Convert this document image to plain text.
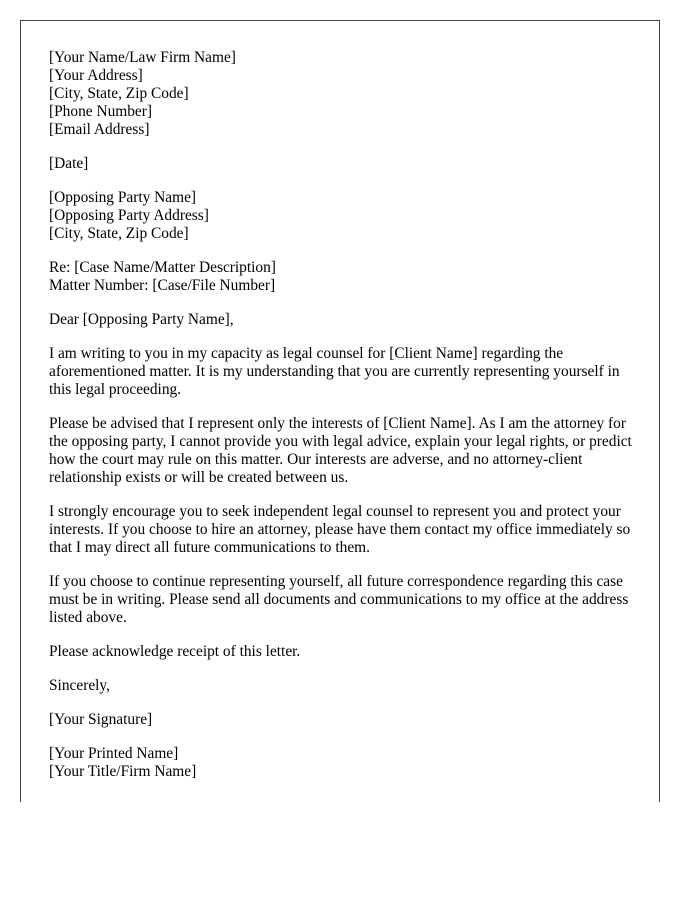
[Your Name/Law Firm Name]
[Your Address]
[City, State, Zip Code]
[Phone Number]
[Email Address]
[Date]
[Opposing Party Name]
[Opposing Party Address]
[City, State, Zip Code]
Re: [Case Name/Matter Description]
Matter Number: [Case/File Number]
Dear [Opposing Party Name],

I am writing to you in my capacity as legal counsel for [Client Name] regarding the aforementioned matter. It is my understanding that you are currently representing yourself in this legal proceeding.

Please be advised that I represent only the interests of [Client Name]. As I am the attorney for the opposing party, I cannot provide you with legal advice, explain your legal rights, or predict how the court may rule on this matter. Our interests are adverse, and no attorney-client relationship exists or will be created between us.

I strongly encourage you to seek independent legal counsel to represent you and protect your interests. If you choose to hire an attorney, please have them contact my office immediately so that I may direct all future communications to them.

If you choose to continue representing yourself, all future correspondence regarding this case must be in writing. Please send all documents and communications to my office at the address listed above.

Please acknowledge receipt of this letter.

Sincerely,
[Your Signature]
[Your Printed Name]
[Your Title/Firm Name]
